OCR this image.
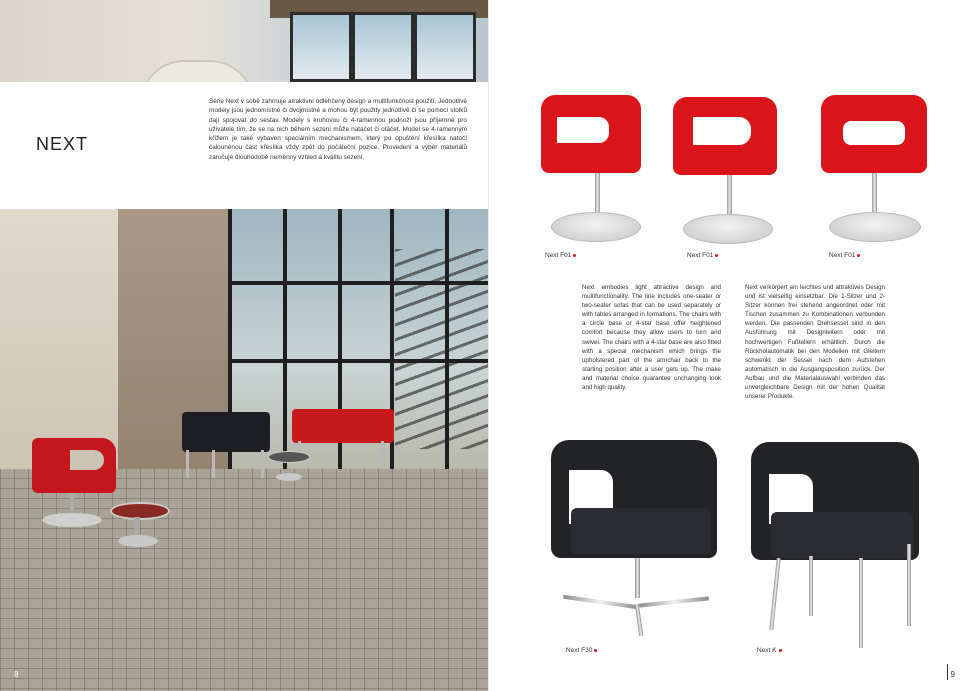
NEXT
Série Next v sobě zahrnuje atraktivní odlehčený design a multifunkčnost použití. Jednotlivé modely jsou jednomístné či dvojmístné a mohou být použity jednotlivě či se pomocí stolků dají spojovat do sestav. Modely s kruhovou či 4-ramennou podnoží jsou příjemné pro uživatele tím, že se na nich během sezení může natáčet či otáčet. Model se 4-ramenným křížem je také vybaven speciálním mechanismem, který po opuštění křesílka natočí čalouněnou část křesílka vždy zpět do počáteční pozice. Provedení a výběr materiálů zaručuje dlouhodobě neměnný vzhled a kvalitu sezení.
8
Next F01	Next F01	Next F01
Next embodies light attractive design and multifunctionality. The line includes one-seater or two-seater sofas that can be used separately or with tables arranged in formations. The chairs with a circle base or 4-star base offer heightened comfort because they allow users to turn and swivel. The chairs with a 4-star base are also fitted with a special mechanism which brings the upholstered part of the armchair back to the starting position after a user gets up. The make and material choice guarantee unchanging look and high quality.
Next verkörpert ein leichtes und attraktives Design und ist vielseitig einsetzbar. Die 1-Sitzer und 2-Sitzer können frei stehend angeordnet oder mit Tischen zusammen zu Kombinationen verbunden werden. Die passenden Drehsessel sind in den Ausführung mit Designleitern oder mit hochwertigen Fußtellern erhältlich. Durch die Rückholautomatik bei den Modellen mit Gleitern schwenkt der Sessel nach dem Aufstehen automatisch in die Ausgangsposition zurück. Der Aufbau und die Materialauswahl verbinden das unvergleichbare Design mit der hohen Qualität unserer Produkte.
Next F30	Next K
9
